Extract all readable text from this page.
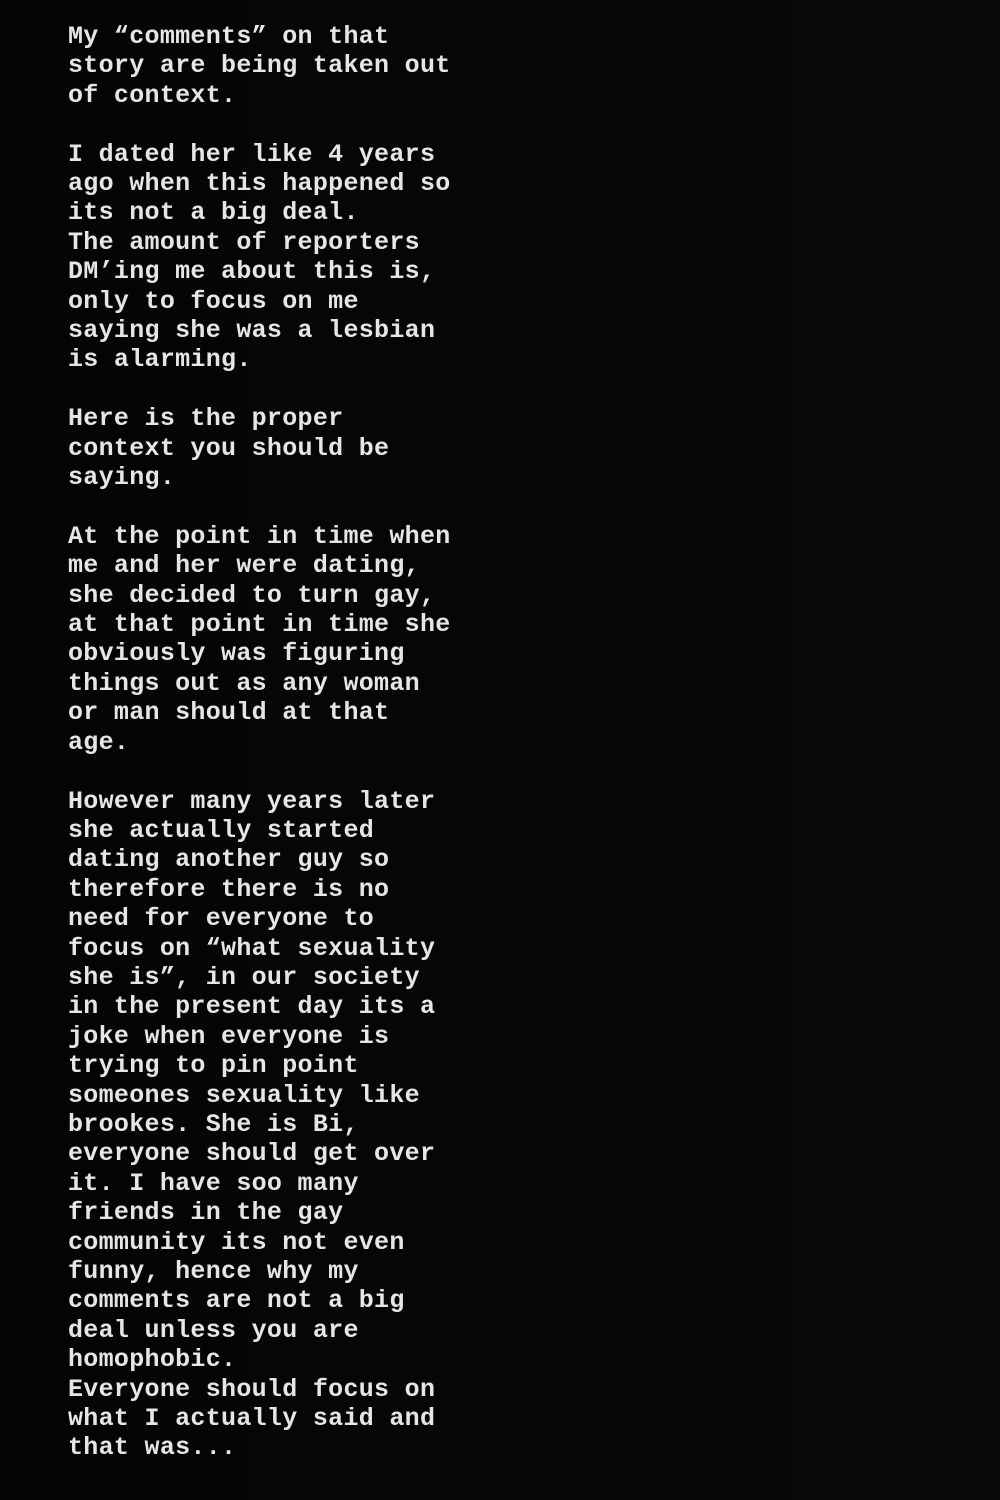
My “comments” on that
story are being taken out
of context.

I dated her like 4 years
ago when this happened so
its not a big deal.
The amount of reporters
DM’ing me about this is,
only to focus on me
saying she was a lesbian
is alarming.

Here is the proper
context you should be
saying.

At the point in time when
me and her were dating,
she decided to turn gay,
at that point in time she
obviously was figuring
things out as any woman
or man should at that
age.

However many years later
she actually started
dating another guy so
therefore there is no
need for everyone to
focus on “what sexuality
she is”, in our society
in the present day its a
joke when everyone is
trying to pin point
someones sexuality like
brookes. She is Bi,
everyone should get over
it. I have soo many
friends in the gay
community its not even
funny, hence why my
comments are not a big
deal unless you are
homophobic.
Everyone should focus on
what I actually said and
that was...
